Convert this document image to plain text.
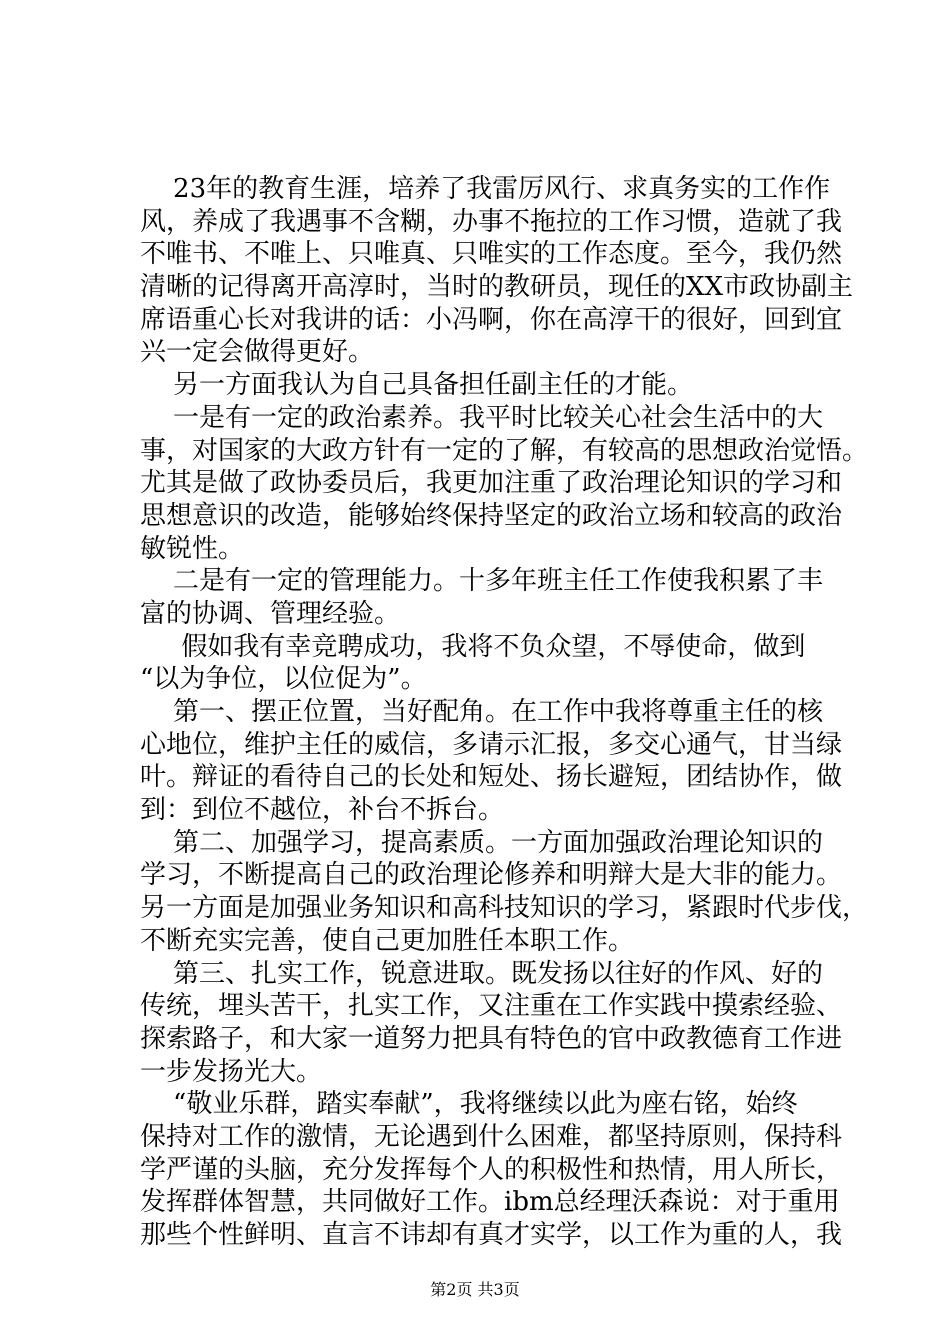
23年的教育生涯，培养了我雷厉风行、求真务实的工作作
风，养成了我遇事不含糊，办事不拖拉的工作习惯，造就了我
不唯书、不唯上、只唯真、只唯实的工作态度。至今，我仍然
清晰的记得离开高淳时，当时的教研员，现任的XX市政协副主
席语重心长对我讲的话：小冯啊，你在高淳干的很好，回到宜
兴一定会做得更好。
另一方面我认为自己具备担任副主任的才能。
一是有一定的政治素养。我平时比较关心社会生活中的大
事，对国家的大政方针有一定的了解，有较高的思想政治觉悟。
尤其是做了政协委员后，我更加注重了政治理论知识的学习和
思想意识的改造，能够始终保持坚定的政治立场和较高的政治
敏锐性。
二是有一定的管理能力。十多年班主任工作使我积累了丰
富的协调、管理经验。
假如我有幸竞聘成功，我将不负众望，不辱使命，做到
“以为争位，以位促为”。
第一、摆正位置，当好配角。在工作中我将尊重主任的核
心地位，维护主任的威信，多请示汇报，多交心通气，甘当绿
叶。辩证的看待自己的长处和短处、扬长避短，团结协作，做
到：到位不越位，补台不拆台。
第二、加强学习，提高素质。一方面加强政治理论知识的
学习，不断提高自己的政治理论修养和明辩大是大非的能力。
另一方面是加强业务知识和高科技知识的学习，紧跟时代步伐，
不断充实完善，使自己更加胜任本职工作。
第三、扎实工作，锐意进取。既发扬以往好的作风、好的
传统，埋头苦干，扎实工作，又注重在工作实践中摸索经验、
探索路子，和大家一道努力把具有特色的官中政教德育工作进
一步发扬光大。
“敬业乐群，踏实奉献”，我将继续以此为座右铭，始终
保持对工作的激情，无论遇到什么困难，都坚持原则，保持科
学严谨的头脑，充分发挥每个人的积极性和热情，用人所长，
发挥群体智慧，共同做好工作。ibm总经理沃森说：对于重用
那些个性鲜明、直言不讳却有真才实学，以工作为重的人，我
第2页 共3页
